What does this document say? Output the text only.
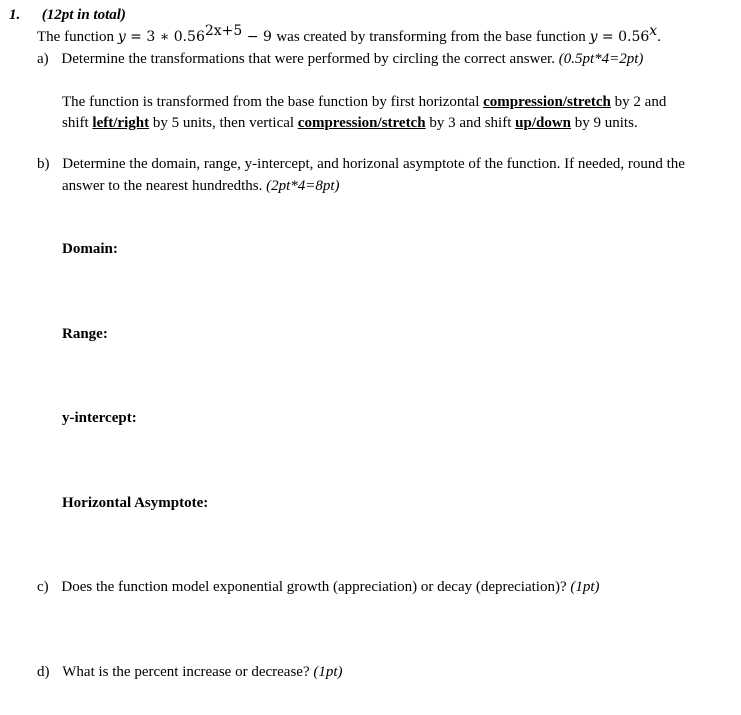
1. (12pt in total)
The function y = 3 ∗ $0.56^{2x+5} - 9$ was created by transforming from the base function $y = 0.56^x$.
a) Determine the transformations that were performed by circling the correct answer. (0.5pt*4=2pt)
The function is transformed from the base function by first horizontal compression/stretch by 2 and
shift left/right by 5 units, then vertical compression/stretch by 3 and shift up/down by 9 units.
b) Determine the domain, range, y-intercept, and horizonal asymptote of the function. If needed, round the
answer to the nearest hundredths. (2pt*4=8pt)
Domain:
Range:
y-intercept:
Horizontal Asymptote:
c) Does the function model exponential growth (appreciation) or decay (depreciation)? (1pt)
d) What is the percent increase or decrease? (1pt)
